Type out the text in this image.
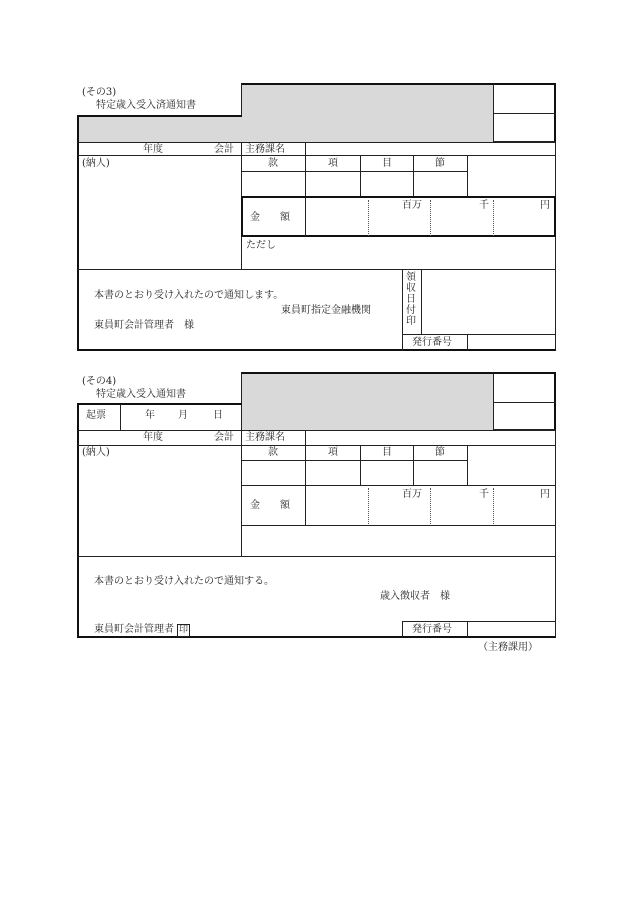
(その3)
特定歳入受入済通知書
年度	会計 主務課名
(納人)	款	項	目	節
金　　額
百万	千	円
ただし
本書のとおり受け入れたので通知します。
東員町指定金融機関
東員町会計管理者　様
領
収
日
付
印
発行番号
(その4)
特定歳入受入通知書
起票	年 月	日
年度	会計 主務課名
(納人)	款	項	目	節
金　　額
百万	千	円
本書のとおり受け入れたので通知する。
歳入徴収者　様
東員町会計管理者 印	発行番号
（主務課用）
